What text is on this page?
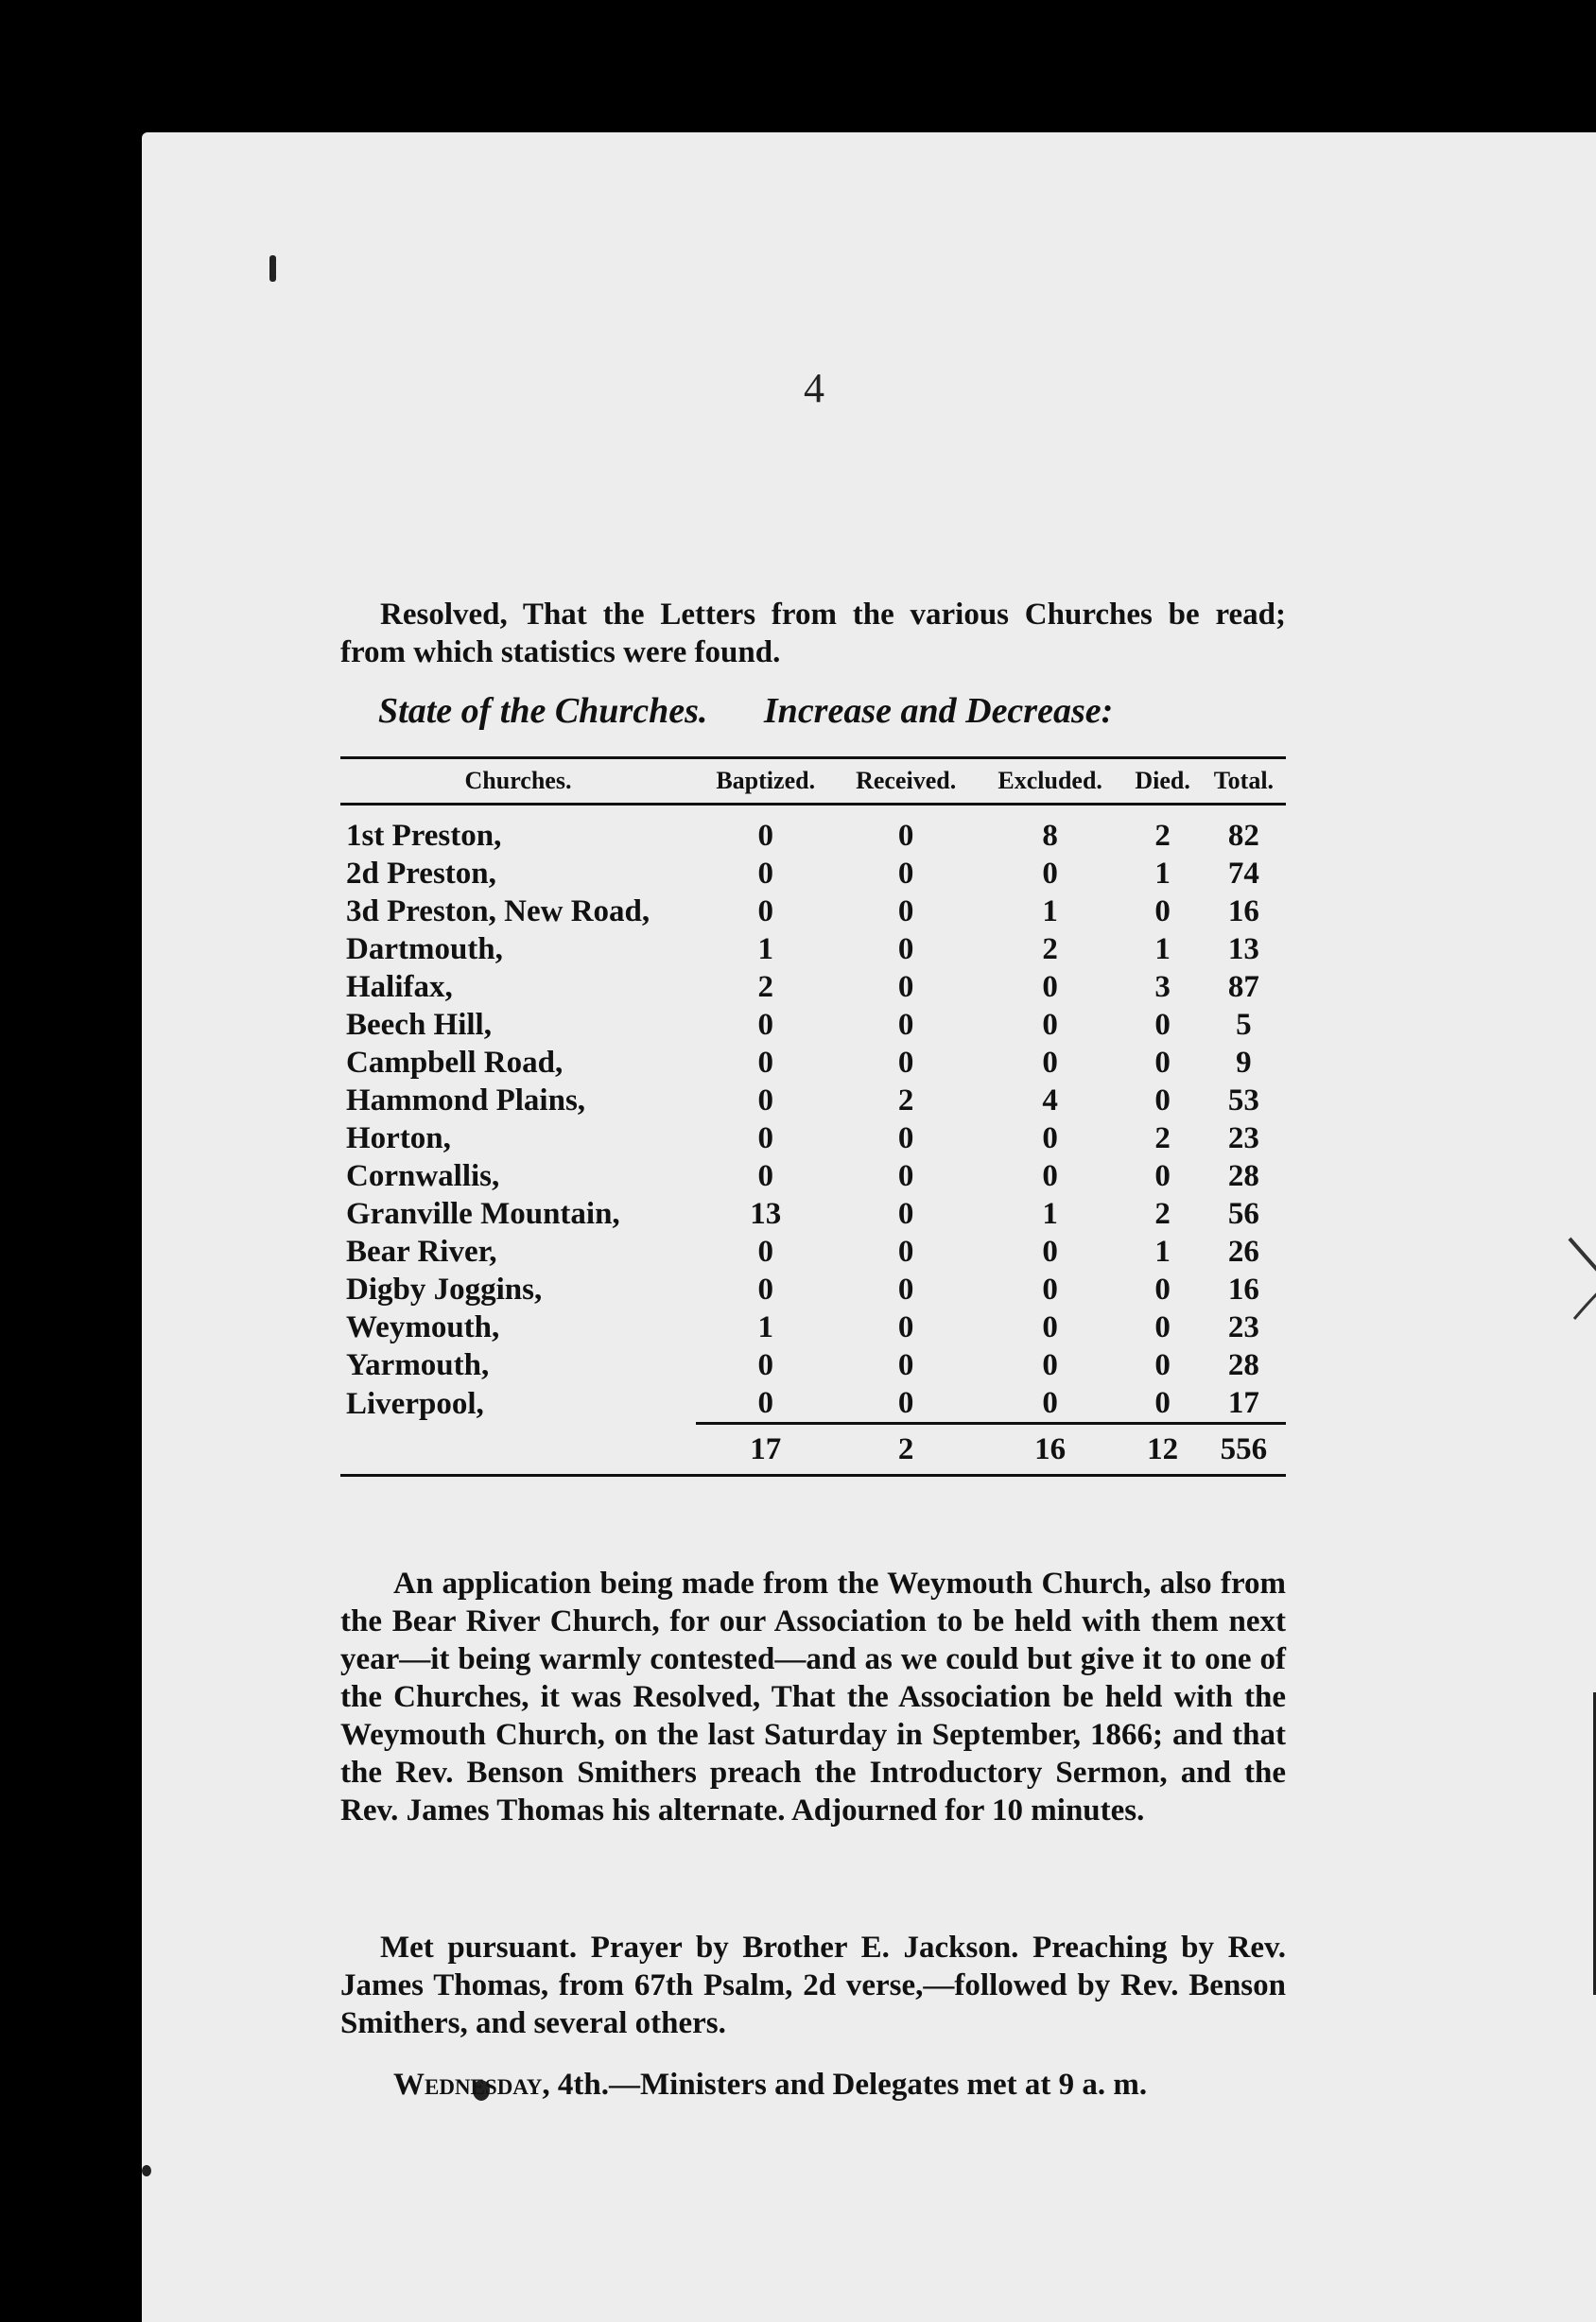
4

Resolved, That the Letters from the various Churches be read; from which statistics were found.

State of the Churches. Increase and Decrease:
Churches.	Baptized.	Received.	Excluded.	Died.	Total.
1st Preston,	0	0	8	2	82
2d Preston,	0	0	0	1	74
3d Preston, New Road,	0	0	1	0	16
Dartmouth,	1	0	2	1	13
Halifax,	2	0	0	3	87
Beech Hill,	0	0	0	0	5
Campbell Road,	0	0	0	0	9
Hammond Plains,	0	2	4	0	53
Horton,	0	0	0	2	23
Cornwallis,	0	0	0	0	28
Granville Mountain,	13	0	1	2	56
Bear River,	0	0	0	1	26
Digby Joggins,	0	0	0	0	16
Weymouth,	1	0	0	0	23
Yarmouth,	0	0	0	0	28
Liverpool,	0	0	0	0	17
	17	2	16	12	556

An application being made from the Weymouth Church, also from the Bear River Church, for our Association to be held with them next year—it being warmly contested—and as we could but give it to one of the Churches, it was Resolved, That the Association be held with the Weymouth Church, on the last Saturday in September, 1866; and that the Rev. Benson Smithers preach the Introductory Sermon, and the Rev. James Thomas his alternate. Adjourned for 10 minutes.

Met pursuant. Prayer by Brother E. Jackson. Preaching by Rev. James Thomas, from 67th Psalm, 2d verse,—followed by Rev. Benson Smithers, and several others.

Wednesday, 4th.—Ministers and Delegates met at 9 a. m.
